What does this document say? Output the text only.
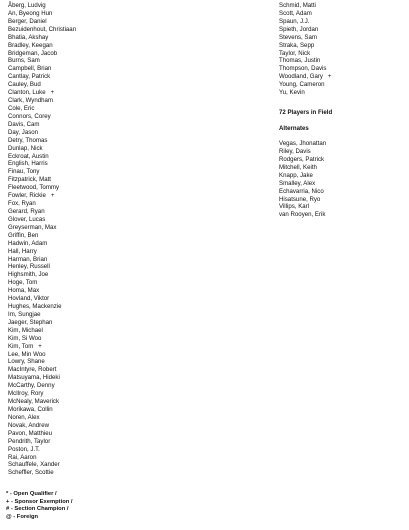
Åberg, Ludvig
An, Byeong Hun
Berger, Daniel
Bezuidenhout, Christiaan
Bhatia, Akshay
Bradley, Keegan
Bridgeman, Jacob
Burns, Sam
Campbell, Brian
Cantlay, Patrick
Cauley, Bud
Clanton, Luke +
Clark, Wyndham
Cole, Eric
Connors, Corey
Davis, Cam
Day, Jason
Detry, Thomas
Dunlap, Nick
Eckroat, Austin
English, Harris
Finau, Tony
Fitzpatrick, Matt
Fleetwood, Tommy
Fowler, Rickie +
Fox, Ryan
Gerard, Ryan
Glover, Lucas
Greyserman, Max
Griffin, Ben
Hadwin, Adam
Hall, Harry
Harman, Brian
Henley, Russell
Highsmith, Joe
Hoge, Tom
Homa, Max
Hovland, Viktor
Hughes, Mackenzie
Im, Sungjae
Jaeger, Stephan
Kim, Michael
Kim, Si Woo
Kim, Tom +
Lee, Min Woo
Lowry, Shane
MacIntyre, Robert
Matsuyama, Hideki
McCarthy, Denny
McIlroy, Rory
McNealy, Maverick
Morikawa, Collin
Noren, Alex
Novak, Andrew
Pavon, Matthieu
Pendrith, Taylor
Poston, J.T.
Rai, Aaron
Schauffele, Xander
Scheffler, Scottie
Schmid, Matti
Scott, Adam
Spaun, J.J.
Spieth, Jordan
Stevens, Sam
Straka, Sepp
Taylor, Nick
Thomas, Justin
Thompson, Davis
Woodland, Gary +
Young, Cameron
Yu, Kevin
72 Players in Field
Alternates
Vegas, Jhonattan
Riley, Davis
Rodgers, Patrick
Mitchell, Keith
Knapp, Jake
Smalley, Alex
Echavarria, Nico
Hisatsune, Ryo
Villips, Karl
van Rooyen, Erik
* - Open Qualifier /
+ - Sponsor Exemption /
# - Section Champion /
@ - Foreign
